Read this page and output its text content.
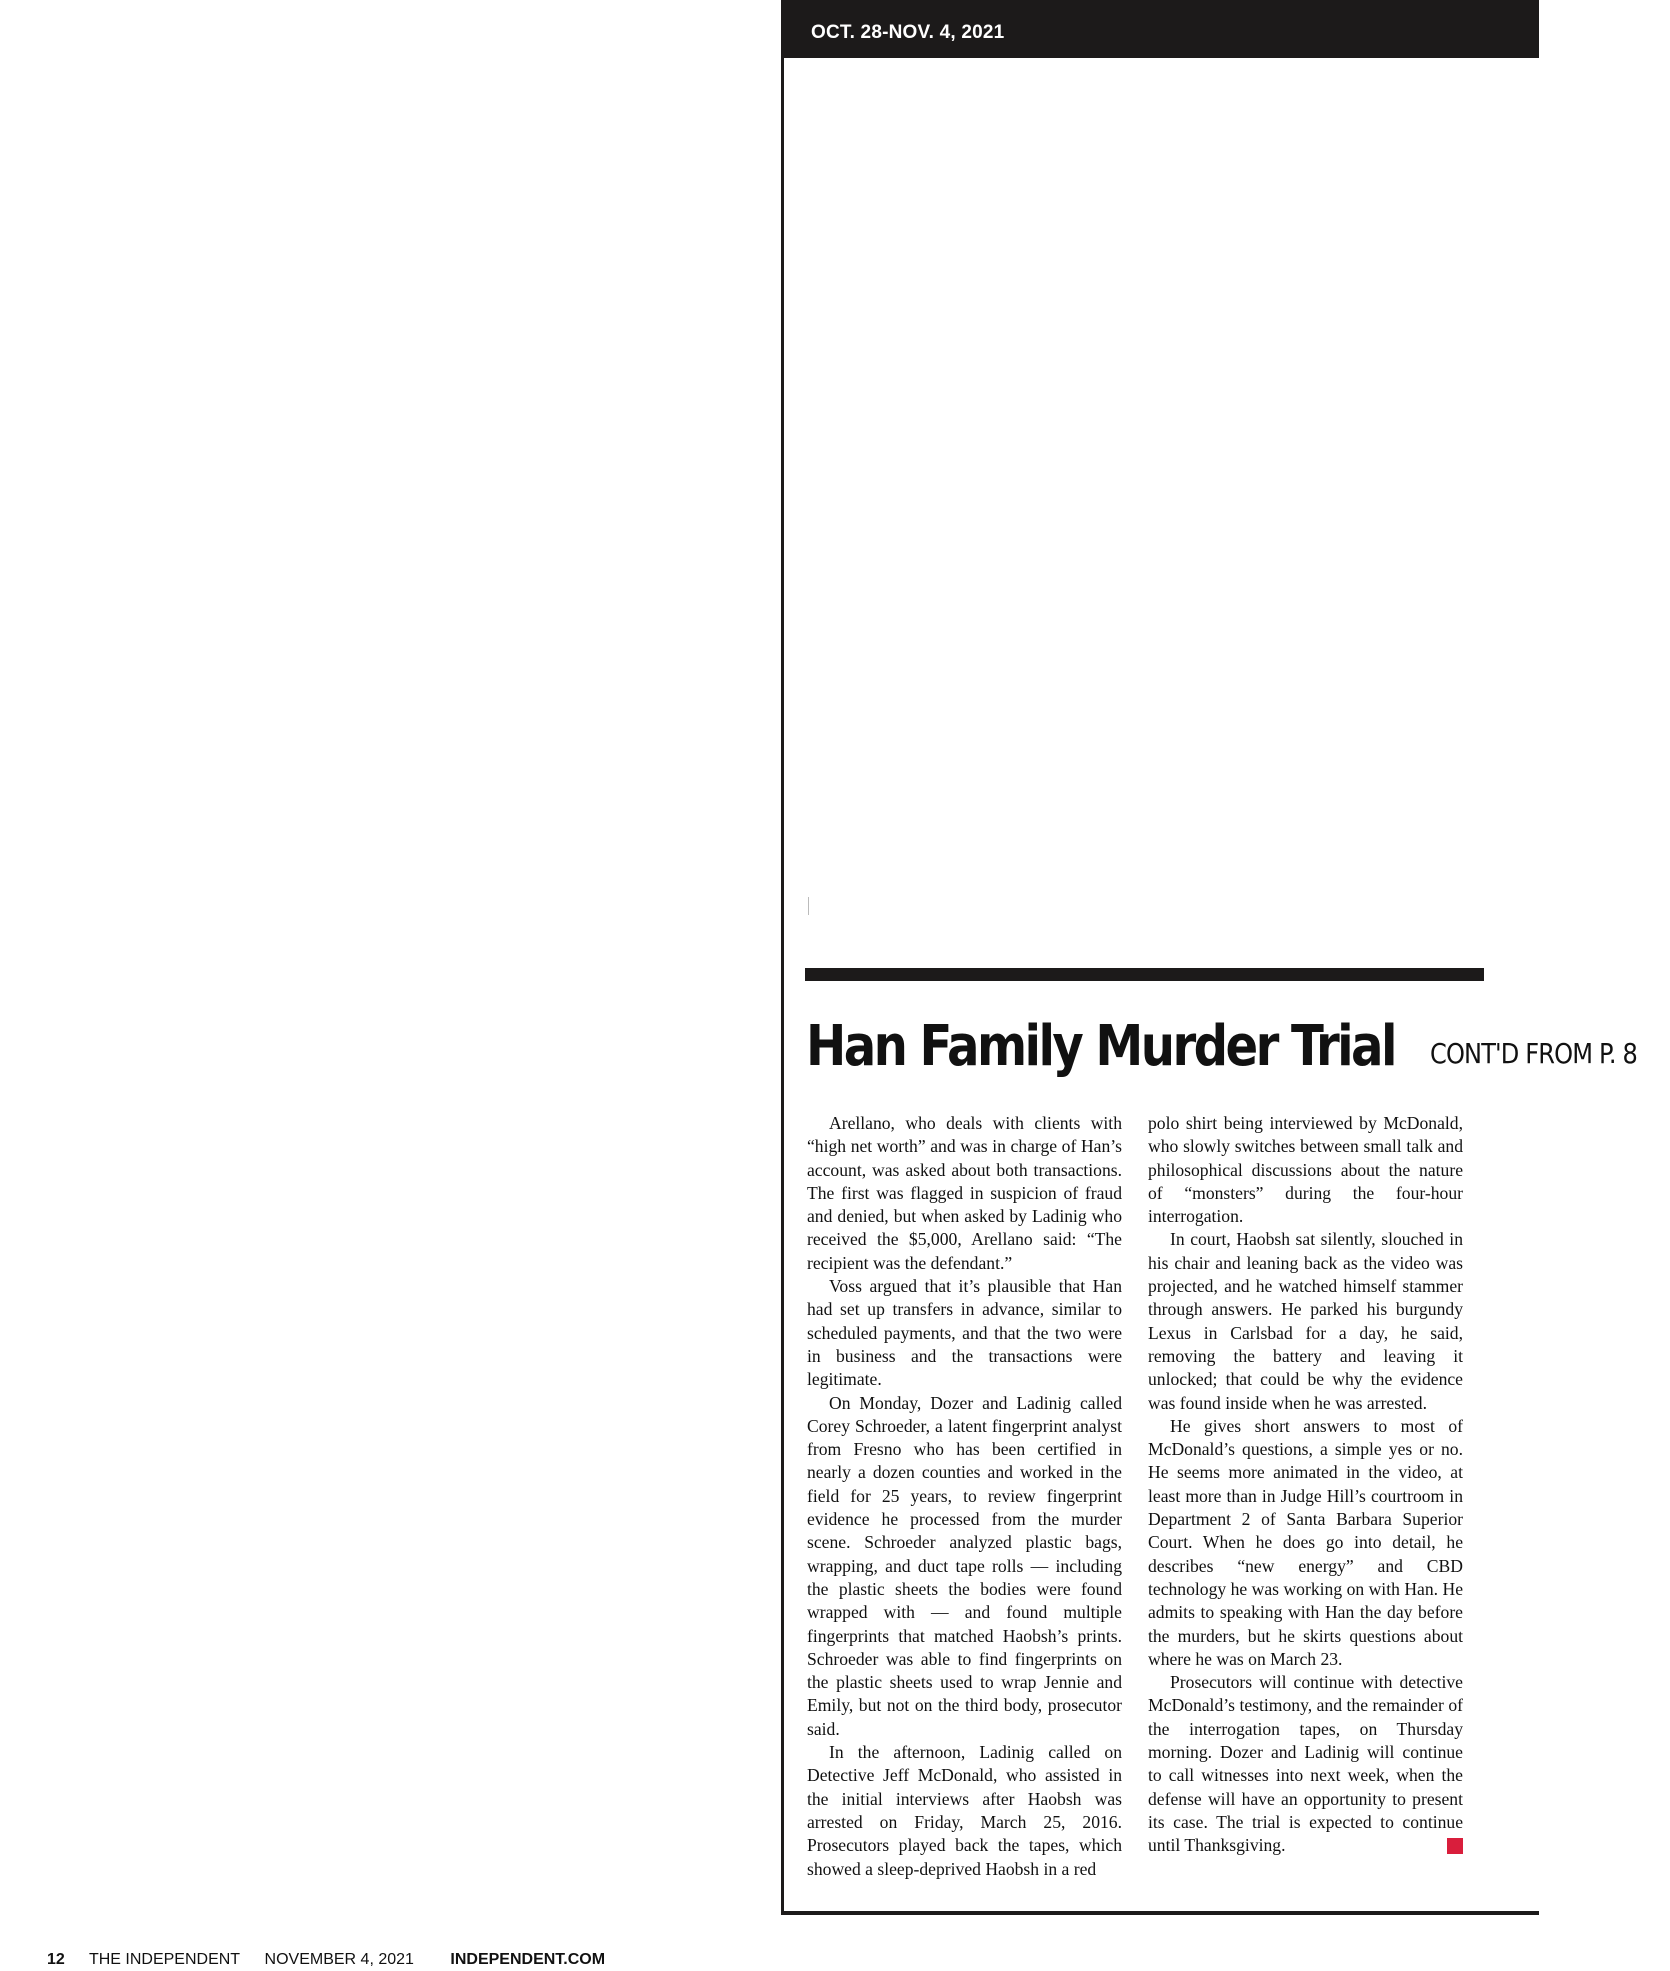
OCT. 28-NOV. 4, 2021
Han Family Murder Trial CONT'D FROM P. 8

Arellano, who deals with clients with “high net worth” and was in charge of Han’s account, was asked about both transactions. The first was flagged in suspicion of fraud and denied, but when asked by Ladinig who received the $5,000, Arellano said: “The recipient was the defendant.”

Voss argued that it’s plausible that Han had set up transfers in advance, similar to scheduled payments, and that the two were in business and the transactions were legitimate.

On Monday, Dozer and Ladinig called Corey Schroeder, a latent fingerprint analyst from Fresno who has been certified in nearly a dozen counties and worked in the field for 25 years, to review fingerprint evidence he processed from the murder scene. Schroeder analyzed plastic bags, wrapping, and duct tape rolls — including the plastic sheets the bodies were found wrapped with — and found multiple fingerprints that matched Haobsh’s prints. Schroeder was able to find fingerprints on the plastic sheets used to wrap Jennie and Emily, but not on the third body, prosecutor said.

In the afternoon, Ladinig called on Detective Jeff McDonald, who assisted in the initial interviews after Haobsh was arrested on Friday, March 25, 2016. Prosecutors played back the tapes, which showed a sleep-deprived Haobsh in a red

polo shirt being interviewed by McDonald, who slowly switches between small talk and philosophical discussions about the nature of “monsters” during the four-hour interrogation.

In court, Haobsh sat silently, slouched in his chair and leaning back as the video was projected, and he watched himself stammer through answers. He parked his burgundy Lexus in Carlsbad for a day, he said, removing the battery and leaving it unlocked; that could be why the evidence was found inside when he was arrested.

He gives short answers to most of McDonald’s questions, a simple yes or no. He seems more animated in the video, at least more than in Judge Hill’s courtroom in Department 2 of Santa Barbara Superior Court. When he does go into detail, he describes “new energy” and CBD technology he was working on with Han. He admits to speaking with Han the day before the murders, but he skirts questions about where he was on March 23.

Prosecutors will continue with detective McDonald’s testimony, and the remainder of the interrogation tapes, on Thursday morning. Dozer and Ladinig will continue to call witnesses into next week, when the defense will have an opportunity to present its case. The trial is expected to continue until Thanksgiving.

12 THE INDEPENDENT NOVEMBER 4, 2021 INDEPENDENT.COM
